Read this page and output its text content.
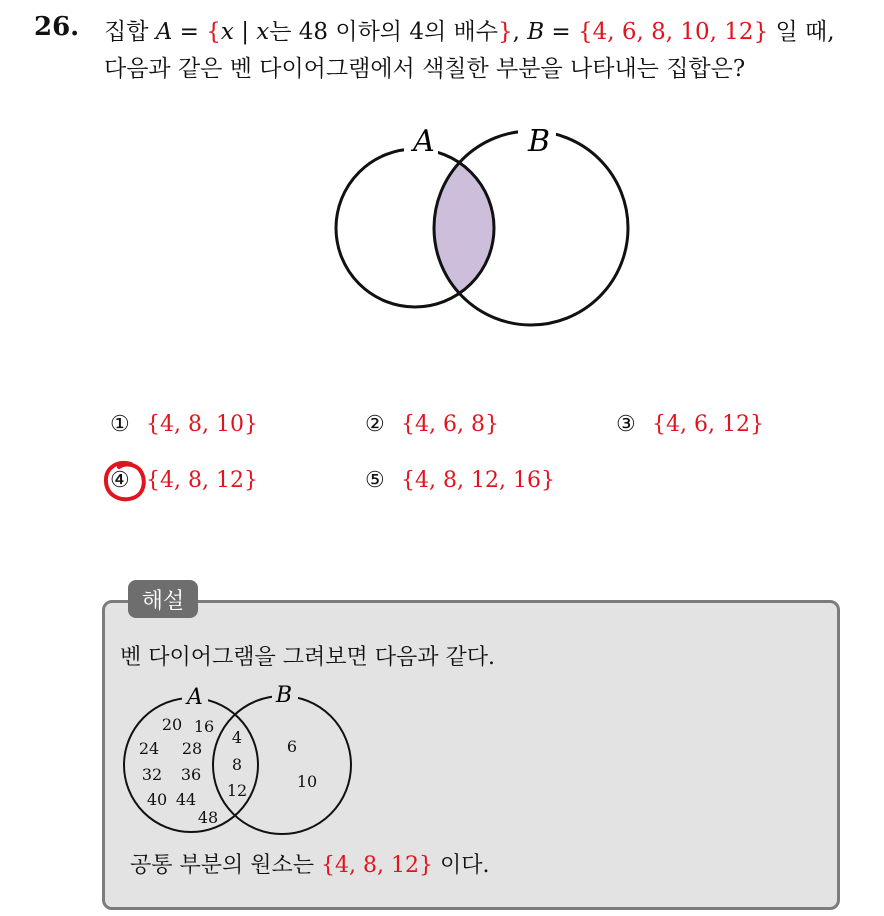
26. 집합 A = {x | x는 48 이하의 4의 배수}, B = {4, 6, 8, 10, 12} 일 때,
다음과 같은 벤 다이어그램에서 색칠한 부분을 나타내는 집합은?
A	B
① {4, 8, 10}	② {4, 6, 8}	③ {4, 6, 12}
④ {4, 8, 12}	⑤ {4, 8, 12, 16}
해설
벤 다이어그램을 그려보면 다음과 같다.
A	B
20 16
24 28
32 36
40 44
48
4
8
12
6
10
공통 부분의 원소는 {4, 8, 12} 이다.
